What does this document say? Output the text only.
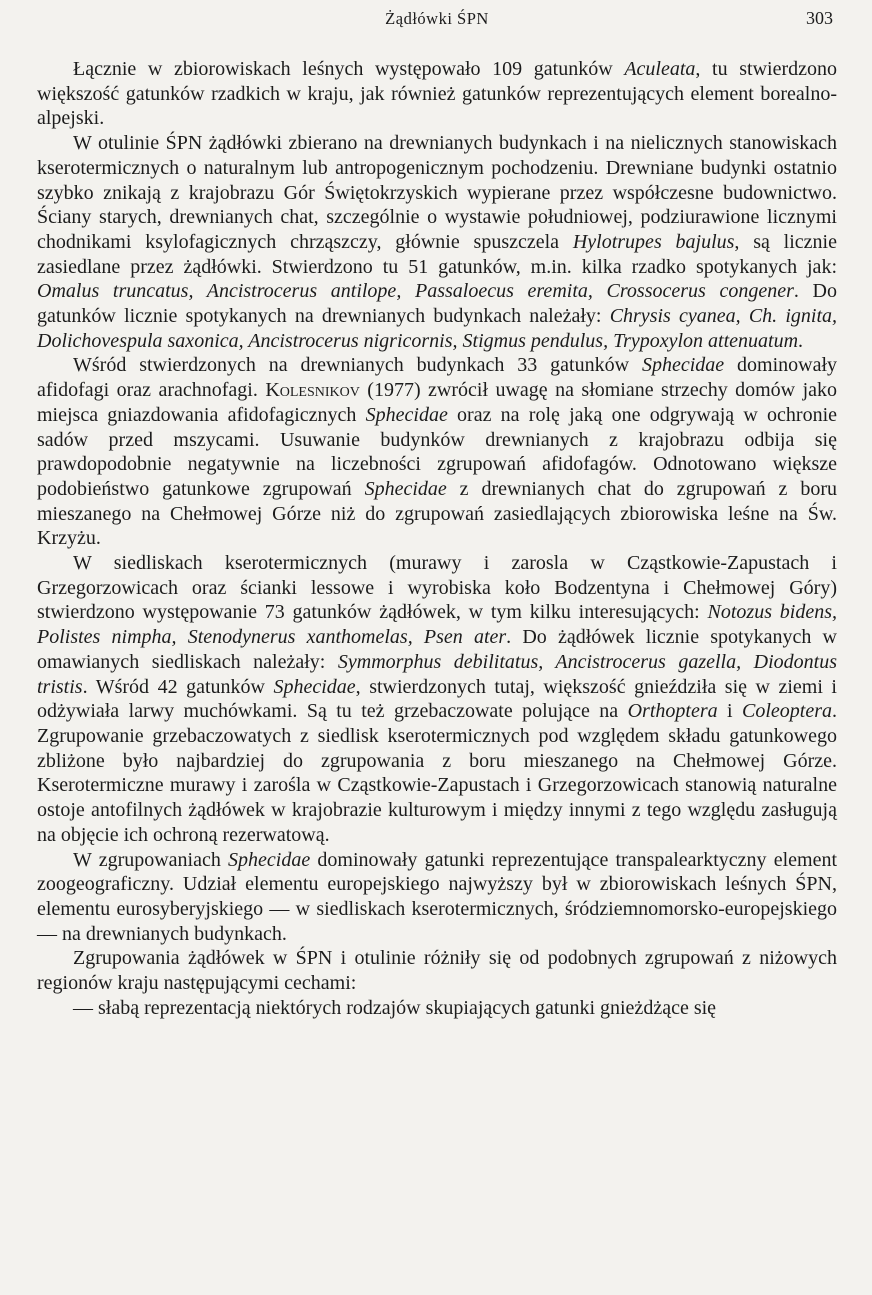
Żądłówki ŚPN	303

Łącznie w zbiorowiskach leśnych występowało 109 gatunków Aculeata, tu stwierdzono większość gatunków rzadkich w kraju, jak również gatunków reprezentujących element borealno-alpejski.

W otulinie ŚPN żądłówki zbierano na drewnianych budynkach i na nielicznych stanowiskach kserotermicznych o naturalnym lub antropogenicznym pochodzeniu. Drewniane budynki ostatnio szybko znikają z krajobrazu Gór Świętokrzyskich wypierane przez współczesne budownictwo. Ściany starych, drewnianych chat, szczególnie o wystawie południowej, podziurawione licznymi chodnikami ksylofagicznych chrząszczy, głównie spuszczela Hylotrupes bajulus, są licznie zasiedlane przez żądłówki. Stwierdzono tu 51 gatunków, m.in. kilka rzadko spotykanych jak: Omalus truncatus, Ancistrocerus antilope, Passaloecus eremita, Crossocerus congener. Do gatunków licznie spotykanych na drewnianych budynkach należały: Chrysis cyanea, Ch. ignita, Dolichovespula saxonica, Ancistrocerus nigricornis, Stigmus pendulus, Trypoxylon attenuatum.

Wśród stwierdzonych na drewnianych budynkach 33 gatunków Sphecidae dominowały afidofagi oraz arachnofagi. Kolesnikov (1977) zwrócił uwagę na słomiane strzechy domów jako miejsca gniazdowania afidofagicznych Sphecidae oraz na rolę jaką one odgrywają w ochronie sadów przed mszycami. Usuwanie budynków drewnianych z krajobrazu odbija się prawdopodobnie negatywnie na liczebności zgrupowań afidofagów. Odnotowano większe podobieństwo gatunkowe zgrupowań Sphecidae z drewnianych chat do zgrupowań z boru mieszanego na Chełmowej Górze niż do zgrupowań zasiedlających zbiorowiska leśne na Św. Krzyżu.

W siedliskach kserotermicznych (murawy i zarosla w Cząstkowie-Zapustach i Grzegorzowicach oraz ścianki lessowe i wyrobiska koło Bodzentyna i Chełmowej Góry) stwierdzono występowanie 73 gatunków żądłówek, w tym kilku interesujących: Notozus bidens, Polistes nimpha, Stenodynerus xanthomelas, Psen ater. Do żądłówek licznie spotykanych w omawianych siedliskach należały: Symmorphus debilitatus, Ancistrocerus gazella, Diodontus tristis. Wśród 42 gatunków Sphecidae, stwierdzonych tutaj, większość gnieździła się w ziemi i odżywiała larwy muchówkami. Są tu też grzebaczowate polujące na Orthoptera i Coleoptera. Zgrupowanie grzebaczowatych z siedlisk kserotermicznych pod względem składu gatunkowego zbliżone było najbardziej do zgrupowania z boru mieszanego na Chełmowej Górze. Kserotermiczne murawy i zarośla w Cząstkowie-Zapustach i Grzegorzowicach stanowią naturalne ostoje antofilnych żądłówek w krajobrazie kulturowym i między innymi z tego względu zasługują na objęcie ich ochroną rezerwatową.

W zgrupowaniach Sphecidae dominowały gatunki reprezentujące transpalearktyczny element zoogeograficzny. Udział elementu europejskiego najwyższy był w zbiorowiskach leśnych ŚPN, elementu eurosyberyjskiego — w siedliskach kserotermicznych, śródziemnomorsko-europejskiego — na drewnianych budynkach.

Zgrupowania żądłówek w ŚPN i otulinie różniły się od podobnych zgrupowań z niżowych regionów kraju następującymi cechami:

— słabą reprezentacją niektórych rodzajów skupiających gatunki gnieżdżące się
